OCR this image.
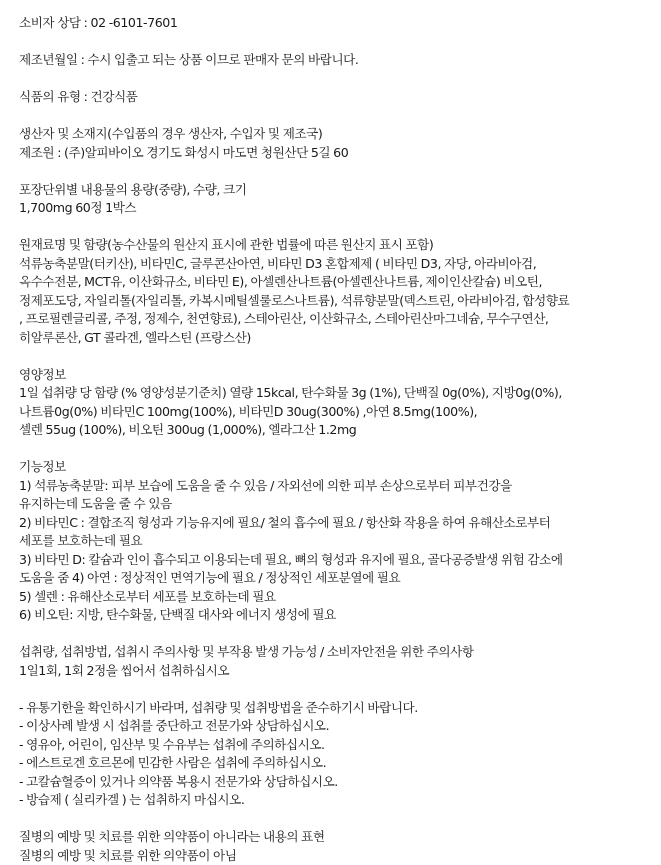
소비자 상담 : 02 -6101-7601
제조년월일 : 수시 입출고 되는 상품 이므로 판매자 문의 바랍니다.
식품의 유형 : 건강식품
생산자 및 소재지(수입품의 경우 생산자, 수입자 및 제조국)
제조원 : (주)알피바이오 경기도 화성시 마도면 청원산단 5길 60
포장단위별 내용물의 용량(중량), 수량, 크기
1,700mg 60정 1박스
원재료명 및 함량(농수산물의 원산지 표시에 관한 법률에 따른 원산지 표시 포함)
석류농축분말(터키산), 비타민C, 글루콘산아연, 비타민 D3 혼합제제 ( 비타민 D3, 자당, 아라비아검,
옥수수전분, MCT유, 이산화규소, 비타민 E), 아셀렌산나트륨(아셀렌산나트륨, 제이인산칼슘) 비오틴,
정제포도당, 자일리톨(자일리톨, 카복시메틸셀룰로스나트륨), 석류향분말(덱스트린, 아라비아검, 합성향료
, 프로필렌글리콜, 주정, 정제수, 천연향료), 스테아린산, 이산화규소, 스테아린산마그네슘, 무수구연산,
히알루론산, GT 콜라겐, 엘라스틴 (프랑스산)
영양정보
1일 섭취량 당 함량 (% 영양성분기준치) 열량 15kcal, 탄수화물 3g (1%), 단백질 0g(0%), 지방0g(0%),
나트륨0g(0%) 비타민C 100mg(100%), 비타민D 30ug(300%) ,아연 8.5mg(100%),
셀렌 55ug (100%), 비오틴 300ug (1,000%), 엘라그산 1.2mg
기능정보
1) 석류농축분말: 피부 보습에 도움을 줄 수 있음 / 자외선에 의한 피부 손상으로부터 피부건강을
유지하는데 도움을 줄 수 있음
2) 비타민C : 결합조직 형성과 기능유지에 필요/ 철의 흡수에 필요 / 항산화 작용을 하여 유해산소로부터
세포를 보호하는데 필요
3) 비타민 D: 칼슘과 인이 흡수되고 이용되는데 필요, 뼈의 형성과 유지에 필요, 골다공증발생 위험 감소에
도움을 줌 4) 아연 : 정상적인 면역기능에 필요 / 정상적인 세포분열에 필요
5) 셀렌 : 유해산소로부터 세포를 보호하는데 필요
6) 비오틴: 지방, 탄수화물, 단백질 대사와 에너지 생성에 필요
섭취량, 섭취방법, 섭취시 주의사항 및 부작용 발생 가능성 / 소비자안전을 위한 주의사항
1일1회, 1회 2정을 씹어서 섭취하십시오
- 유통기한을 확인하시기 바라며, 섭취량 및 섭취방법을 준수하기시 바랍니다.
- 이상사례 발생 시 섭취를 중단하고 전문가와 상담하십시오.
- 영유아, 어린이, 임산부 및 수유부는 섭취에 주의하십시오.
- 에스트로겐 호르몬에 민감한 사람은 섭취에 주의하십시오.
- 고칼슘혈증이 있거나 의약품 복용시 전문가와 상담하십시오.
- 방습제 ( 실리카겔 ) 는 섭취하지 마십시오.
질병의 예방 및 치료를 위한 의약품이 아니라는 내용의 표현
질병의 예방 및 치료를 위한 의약품이 아님
